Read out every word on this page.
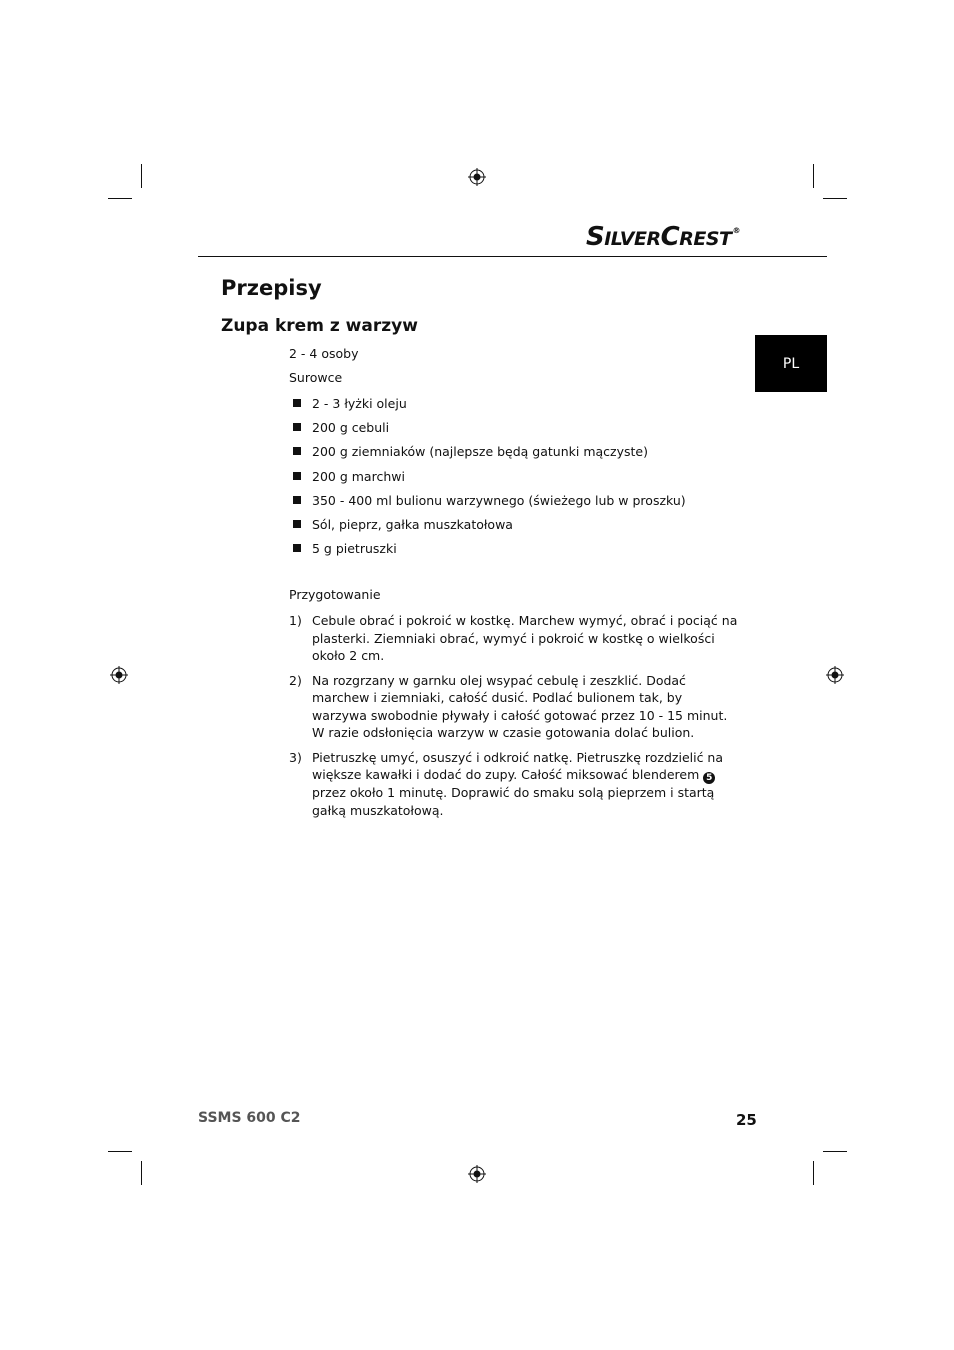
SILVERCREST®
Przepisy
Zupa krem z warzyw
PL
2 - 4 osoby
Surowce
2 - 3 łyżki oleju
200 g cebuli
200 g ziemniaków (najlepsze będą gatunki mączyste)
200 g marchwi
350 - 400 ml bulionu warzywnego (świeżego lub w proszku)
Sól, pieprz, gałka muszkatołowa
5 g pietruszki
Przygotowanie
1) Cebule obrać i pokroić w kostkę. Marchew wymyć, obrać i pociąć na plasterki. Ziemniaki obrać, wymyć i pokroić w kostkę o wielkości około 2 cm.
2) Na rozgrzany w garnku olej wsypać cebulę i zeszklić. Dodać marchew i ziemniaki, całość dusić. Podlać bulionem tak, by warzywa swobodnie pływały i całość gotować przez 10 - 15 minut. W razie odsłonięcia warzyw w czasie gotowania dolać bulion.
3) Pietruszkę umyć, osuszyć i odkroić natkę. Pietruszkę rozdzielić na większe kawałki i dodać do zupy. Całość miksować blenderem 5 przez około 1 minutę. Doprawić do smaku solą pieprzem i startą gałką muszkatołową.
SSMS 600 C2	25
